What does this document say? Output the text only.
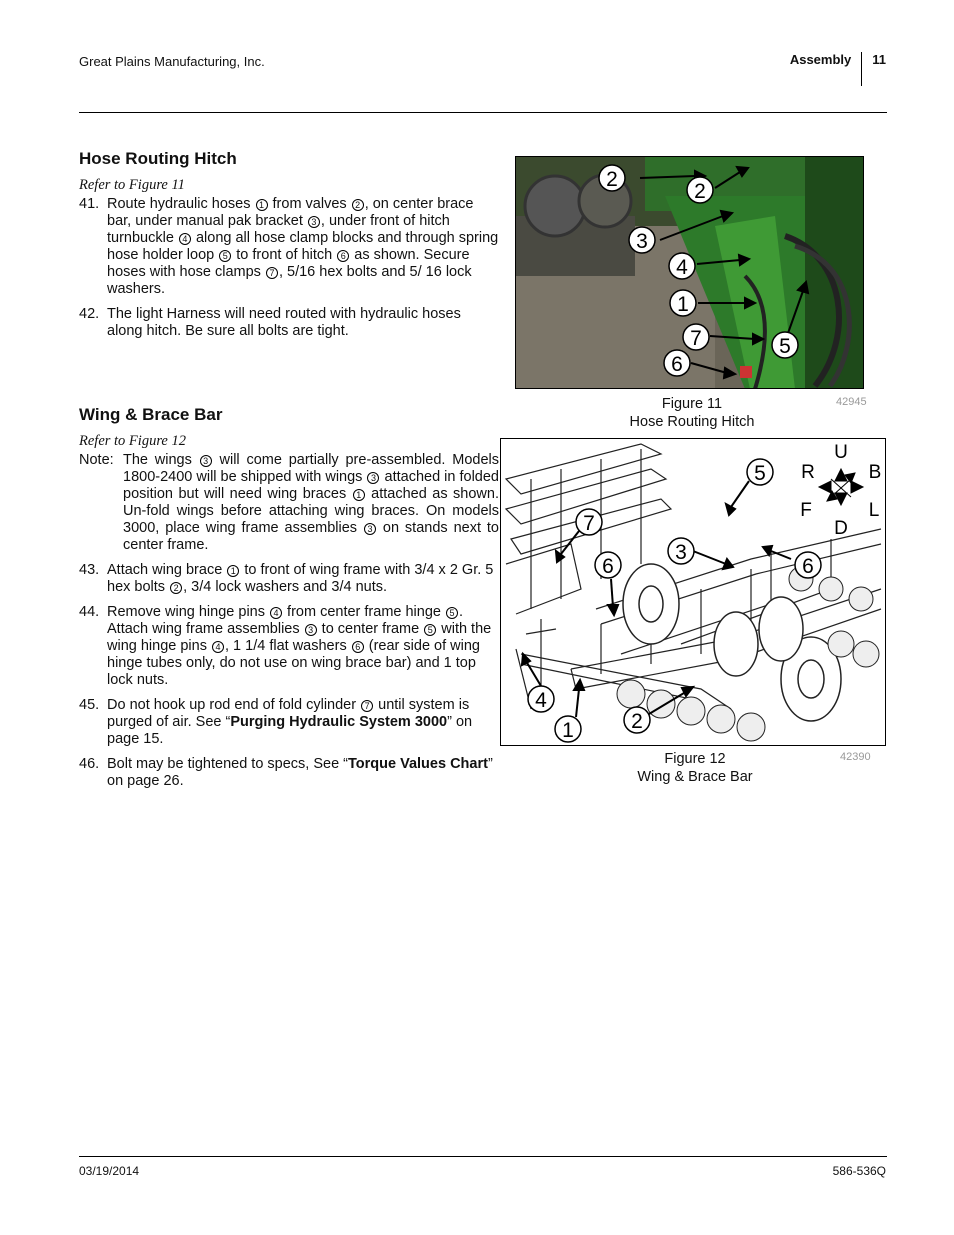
Great Plains Manufacturing, Inc.	Assembly 11
Hose Routing Hitch
Refer to Figure 11
41. Route hydraulic hoses 1 from valves 2 , on center brace bar, under manual pak bracket 3 , under front of hitch turnbuckle 4 along all hose clamp blocks and through spring hose holder loop 5 to front of hitch 6 as shown. Secure hoses with hose clamps 7 , 5/16 hex bolts and 5/ 16 lock washers.
42. The light Harness will need routed with hydraulic hoses along hitch. Be sure all bolts are tight.
Wing & Brace Bar
Refer to Figure 12
Note: The wings 3 will come partially pre-assembled. Models 1800-2400 will be shipped with wings 3 attached in folded position but will need wing braces 1 attached as shown. Un-fold wings before attaching wing braces. On models 3000, place wing frame assemblies 3 on stands next to center frame.
43. Attach wing brace 1 to front of wing frame with 3/4 x 2 Gr. 5 hex bolts 2 , 3/4 lock washers and 3/4 nuts.
44. Remove wing hinge pins 4 from center frame hinge 5 . Attach wing frame assemblies 3 to center frame 5 with the wing hinge pins 4 , 1 1/4 flat washers 6 (rear side of wing hinge tubes only, do not use on wing brace bar) and 1 top lock nuts.
45. Do not hook up rod end of fold cylinder 7 until system is purged of air. See “Purging Hydraulic System 3000” on page 15.
46. Bolt may be tightened to specs, See “Torque Values Chart” on page 26.
2
2
3
4
1
7	5
6
Figure 11
Hose Routing Hitch
42945
5
7
3
6	6
4
1	2
U
D
R	B
F	L
Figure 12
Wing & Brace Bar
42390
03/19/2014	586-536Q
